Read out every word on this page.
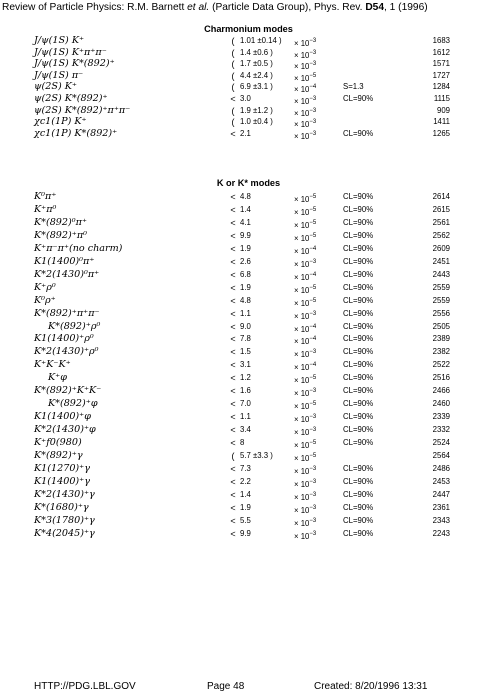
Review of Particle Physics: R.M. Barnett et al. (Particle Data Group), Phys. Rev. D54, 1 (1996)
Charmonium modes
J/ψ(1S) K⁺	( 1.01 ±0.14 ) × $10^{-3}$	1683
J/ψ(1S) K⁺π⁺π⁻	( 1.4 ±0.6 )	× $10^{-3}$	1612
J/ψ(1S) K*(892)⁺	( 1.7 ±0.5 )	× $10^{-3}$	1571
J/ψ(1S) π⁻	( 4.4 ±2.4 )	× $10^{-5}$	1727
ψ(2S) K⁺	( 6.9 ±3.1 )	× $10^{-4}$	S=1.3	1284
ψ(2S) K*(892)⁺	< 3.0	× $10^{-3}$	CL=90%	1115
ψ(2S) K*(892)⁺π⁺π⁻	( 1.9 ±1.2 )	× $10^{-3}$	909
χc1(1P) K⁺	( 1.0 ±0.4 )	× $10^{-3}$	1411
χc1(1P) K*(892)⁺	< 2.1	× $10^{-3}$	CL=90%	1265
K or K* modes
K⁰π⁺	< 4.8	× $10^{-5}$	CL=90%	2614
K⁺π⁰	< 1.4	× $10^{-5}$	CL=90%	2615
K*(892)⁰π⁺	< 4.1	× $10^{-5}$	CL=90%	2561
K*(892)⁺π⁰	< 9.9	× $10^{-5}$	CL=90%	2562
K⁺π⁻π⁺(no charm)	< 1.9	× $10^{-4}$	CL=90%	2609
K1(1400)⁰π⁺	< 2.6	× $10^{-3}$	CL=90%	2451
K*2(1430)⁰π⁺	< 6.8	× $10^{-4}$	CL=90%	2443
K⁺ρ⁰	< 1.9	× $10^{-5}$	CL=90%	2559
K⁰ρ⁺	< 4.8	× $10^{-5}$	CL=90%	2559
K*(892)⁺π⁺π⁻	< 1.1	× $10^{-3}$	CL=90%	2556
K*(892)⁺ρ⁰	< 9.0	× $10^{-4}$	CL=90%	2505
K1(1400)⁺ρ⁰	< 7.8	× $10^{-4}$	CL=90%	2389
K*2(1430)⁺ρ⁰	< 1.5	× $10^{-3}$	CL=90%	2382
K⁺K⁻K⁺	< 3.1	× $10^{-4}$	CL=90%	2522
K⁺φ	< 1.2	× $10^{-5}$	CL=90%	2516
K*(892)⁺K⁺K⁻	< 1.6	× $10^{-3}$	CL=90%	2466
K*(892)⁺φ	< 7.0	× $10^{-5}$	CL=90%	2460
K1(1400)⁺φ	< 1.1	× $10^{-3}$	CL=90%	2339
K*2(1430)⁺φ	< 3.4	× $10^{-3}$	CL=90%	2332
K⁺f0(980)	< 8	× $10^{-5}$	CL=90%	2524
K*(892)⁺γ	( 5.7 ±3.3 )	× $10^{-5}$	2564
K1(1270)⁺γ	< 7.3	× $10^{-3}$	CL=90%	2486
K1(1400)⁺γ	< 2.2	× $10^{-3}$	CL=90%	2453
K*2(1430)⁺γ	< 1.4	× $10^{-3}$	CL=90%	2447
K*(1680)⁺γ	< 1.9	× $10^{-3}$	CL=90%	2361
K*3(1780)⁺γ	< 5.5	× $10^{-3}$	CL=90%	2343
K*4(2045)⁺γ	< 9.9	× $10^{-3}$	CL=90%	2243
HTTP://PDG.LBL.GOV	Page 48	Created: 8/20/1996 13:31
